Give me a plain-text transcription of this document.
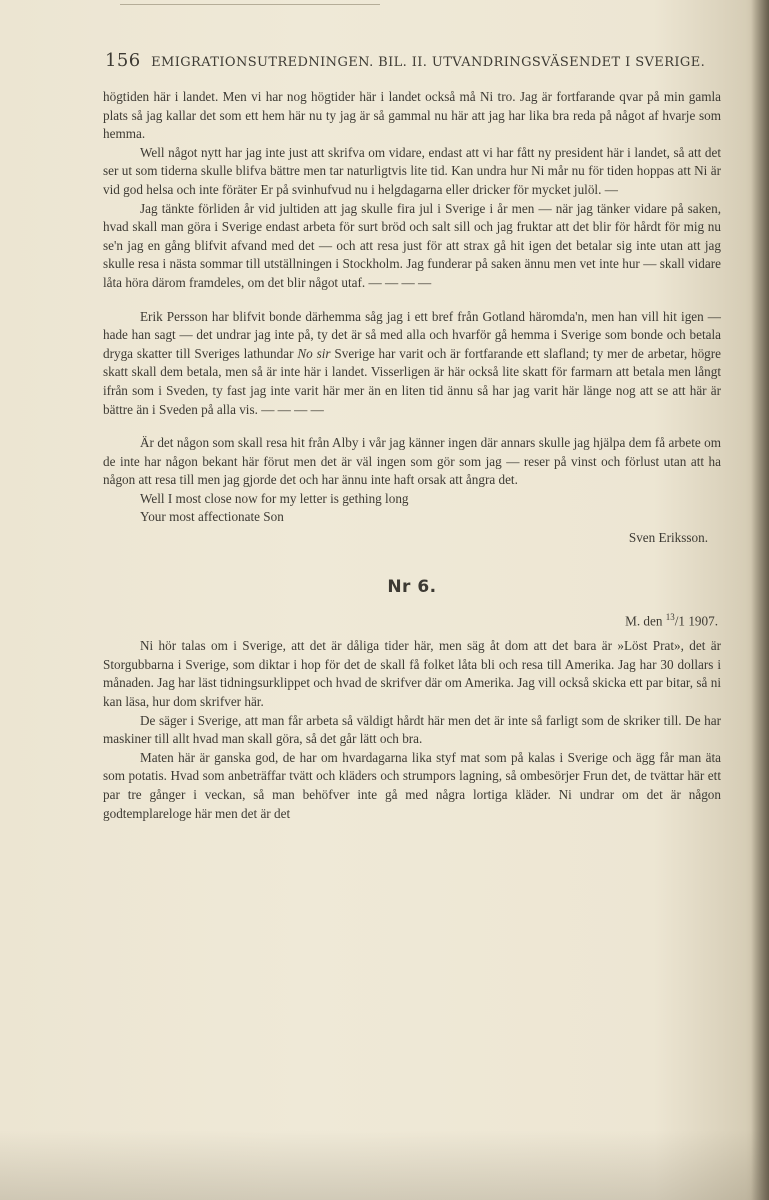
156 EMIGRATIONSUTREDNINGEN. BIL. II. UTVANDRINGSVÄSENDET I SVERIGE.

högtiden här i landet. Men vi har nog högtider här i landet också må Ni tro. Jag är fortfarande qvar på min gamla plats så jag kallar det som ett hem här nu ty jag är så gammal nu här att jag har lika bra reda på något af hvarje som hemma.

Well något nytt har jag inte just att skrifva om vidare, endast att vi har fått ny president här i landet, så att det ser ut som tiderna skulle blifva bättre men tar naturligtvis lite tid. Kan undra hur Ni mår nu för tiden hoppas att Ni är vid god helsa och inte föräter Er på svinhufvud nu i helgdagarna eller dricker för mycket julöl. —

Jag tänkte förliden år vid jultiden att jag skulle fira jul i Sverige i år men — när jag tänker vidare på saken, hvad skall man göra i Sverige endast arbeta för surt bröd och salt sill och jag fruktar att det blir för hårdt för mig nu se'n jag en gång blifvit afvand med det — och att resa just för att strax gå hit igen det betalar sig inte utan att jag skulle resa i nästa sommar till utställningen i Stockholm. Jag funderar på saken ännu men vet inte hur — skall vidare låta höra därom framdeles, om det blir något utaf. — — — —

Erik Persson har blifvit bonde därhemma såg jag i ett bref från Gotland häromda'n, men han vill hit igen — hade han sagt — det undrar jag inte på, ty det är så med alla och hvarför gå hemma i Sverige som bonde och betala dryga skatter till Sveriges lathundar No sir Sverige har varit och är fortfarande ett slafland; ty mer de arbetar, högre skatt skall dem betala, men så är inte här i landet. Visserligen är här också lite skatt för farmarn att betala men långt ifrån som i Sveden, ty fast jag inte varit här mer än en liten tid ännu så har jag varit här länge nog att se att här är bättre än i Sveden på alla vis. — — — —

Är det någon som skall resa hit från Alby i vår jag känner ingen där annars skulle jag hjälpa dem få arbete om de inte har någon bekant här förut men det är väl ingen som gör som jag — reser på vinst och förlust utan att ha någon att resa till men jag gjorde det och har ännu inte haft orsak att ångra det.

Well I most close now for my letter is gething long

Your most affectionate Son

Sven Eriksson.

Nr 6.

M. den $^{13}$/1 1907.

Ni hör talas om i Sverige, att det är dåliga tider här, men säg åt dom att det bara är »Löst Prat», det är Storgubbarna i Sverige, som diktar i hop för det de skall få folket låta bli och resa till Amerika. Jag har 30 dollars i månaden. Jag har läst tidningsurklippet och hvad de skrifver där om Amerika. Jag vill också skicka ett par bitar, så ni kan läsa, hur dom skrifver här.

De säger i Sverige, att man får arbeta så väldigt hårdt här men det är inte så farligt som de skriker till. De har maskiner till allt hvad man skall göra, så det går lätt och bra.

Maten här är ganska god, de har om hvardagarna lika styf mat som på kalas i Sverige och ägg får man äta som potatis. Hvad som anbeträffar tvätt och kläders och strumpors lagning, så ombesörjer Frun det, de tvättar här ett par tre gånger i veckan, så man behöfver inte gå med några lortiga kläder. Ni undrar om det är någon godtemplareloge här men det är det
